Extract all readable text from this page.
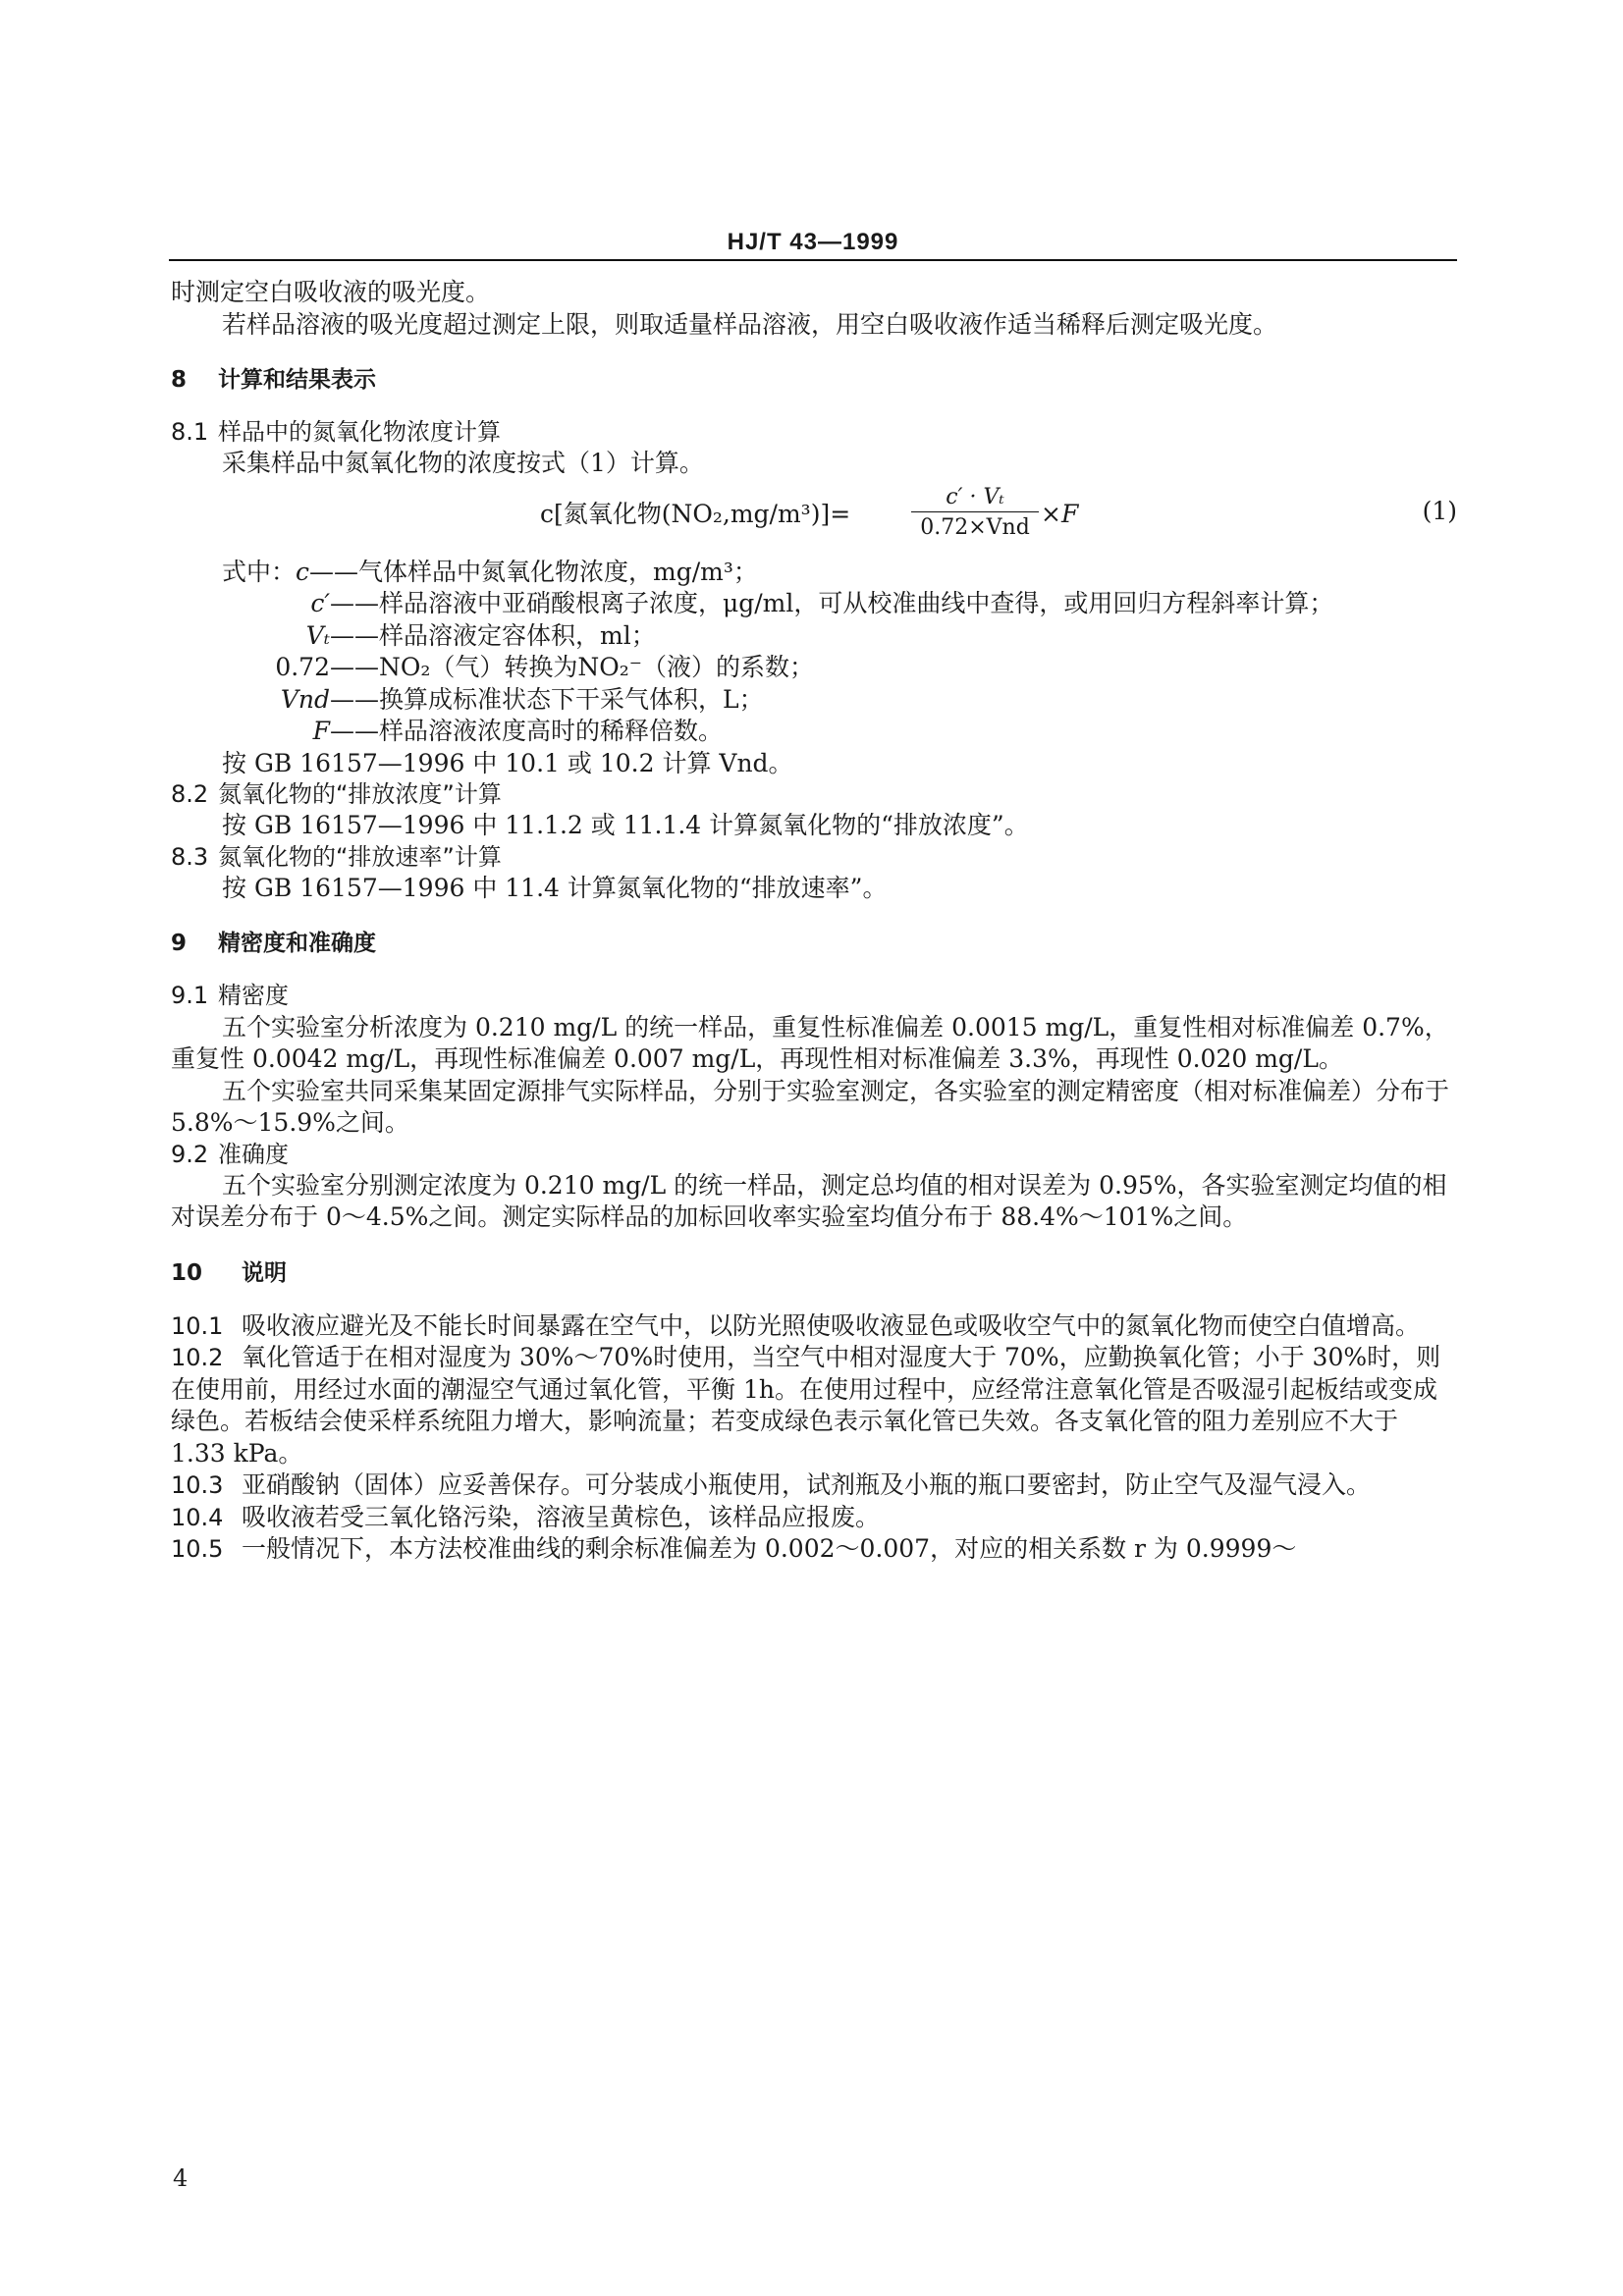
HJ/T 43—1999

时测定空白吸收液的吸光度。

若样品溶液的吸光度超过测定上限，则取适量样品溶液，用空白吸收液作适当稀释后测定吸光度。

8 计算和结果表示

8.1 样品中的氮氧化物浓度计算

采集样品中氮氧化物的浓度按式（1）计算。

c[氮氧化物(NO₂,mg/m³)]=
c′ · Vₜ
0.72×Vnd
×F	(1)

式中：c——气体样品中氮氧化物浓度，mg/m³；

c′——样品溶液中亚硝酸根离子浓度，μg/ml，可从校准曲线中查得，或用回归方程斜率计算；

Vₜ——样品溶液定容体积，ml；

0.72——NO₂（气）转换为NO₂⁻（液）的系数；

Vnd——换算成标准状态下干采气体积，L；

F——样品溶液浓度高时的稀释倍数。

按 GB 16157—1996 中 10.1 或 10.2 计算 Vnd。

8.2 氮氧化物的“排放浓度”计算

按 GB 16157—1996 中 11.1.2 或 11.1.4 计算氮氧化物的“排放浓度”。

8.3 氮氧化物的“排放速率”计算

按 GB 16157—1996 中 11.4 计算氮氧化物的“排放速率”。

9 精密度和准确度

9.1 精密度

五个实验室分析浓度为 0.210 mg/L 的统一样品，重复性标准偏差 0.0015 mg/L，重复性相对标准偏差 0.7%，重复性 0.0042 mg/L，再现性标准偏差 0.007 mg/L，再现性相对标准偏差 3.3%，再现性 0.020 mg/L。

五个实验室共同采集某固定源排气实际样品，分别于实验室测定，各实验室的测定精密度（相对标准偏差）分布于 5.8%～15.9%之间。

9.2 准确度

五个实验室分别测定浓度为 0.210 mg/L 的统一样品，测定总均值的相对误差为 0.95%，各实验室测定均值的相对误差分布于 0～4.5%之间。测定实际样品的加标回收率实验室均值分布于 88.4%～101%之间。

10 说明

10.1 吸收液应避光及不能长时间暴露在空气中，以防光照使吸收液显色或吸收空气中的氮氧化物而使空白值增高。

10.2 氧化管适于在相对湿度为 30%～70%时使用，当空气中相对湿度大于 70%，应勤换氧化管；小于 30%时，则在使用前，用经过水面的潮湿空气通过氧化管，平衡 1h。在使用过程中，应经常注意氧化管是否吸湿引起板结或变成绿色。若板结会使采样系统阻力增大，影响流量；若变成绿色表示氧化管已失效。各支氧化管的阻力差别应不大于 1.33 kPa。

10.3 亚硝酸钠（固体）应妥善保存。可分装成小瓶使用，试剂瓶及小瓶的瓶口要密封，防止空气及湿气浸入。

10.4 吸收液若受三氧化铬污染，溶液呈黄棕色，该样品应报废。

10.5 一般情况下，本方法校准曲线的剩余标准偏差为 0.002～0.007，对应的相关系数 r 为 0.9999～

4
